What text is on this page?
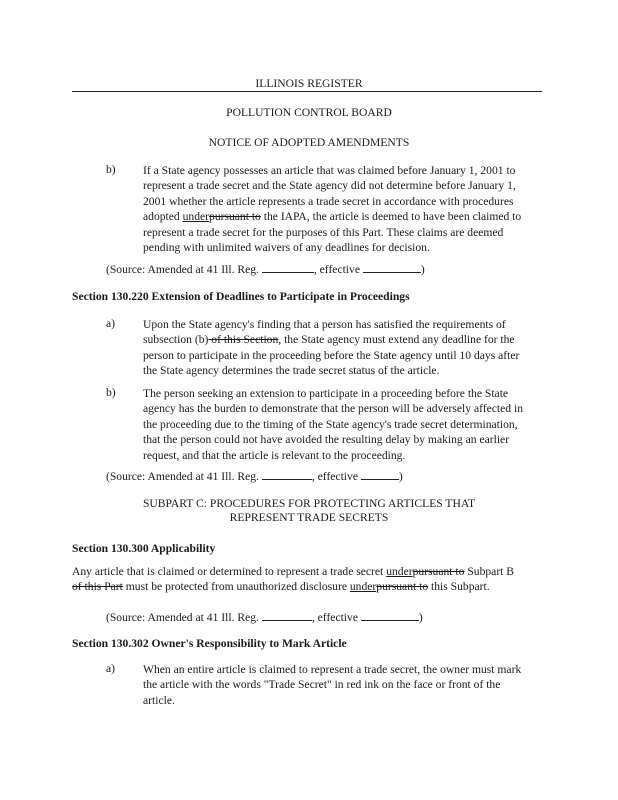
ILLINOIS REGISTER
POLLUTION CONTROL BOARD
NOTICE OF ADOPTED AMENDMENTS
b) If a State agency possesses an article that was claimed before January 1, 2001 to
represent a trade secret and the State agency did not determine before January 1,
2001 whether the article represents a trade secret in accordance with procedures
adopted underpursuant to the IAPA, the article is deemed to have been claimed to
represent a trade secret for the purposes of this Part. These claims are deemed
pending with unlimited waivers of any deadlines for decision.
(Source: Amended at 41 Ill. Reg.	, effective	)
Section 130.220 Extension of Deadlines to Participate in Proceedings
a) Upon the State agency's finding that a person has satisfied the requirements of
subsection (b) of this Section, the State agency must extend any deadline for the
person to participate in the proceeding before the State agency until 10 days after
the State agency determines the trade secret status of the article.
b) The person seeking an extension to participate in a proceeding before the State
agency has the burden to demonstrate that the person will be adversely affected in
the proceeding due to the timing of the State agency's trade secret determination,
that the person could not have avoided the resulting delay by making an earlier
request, and that the article is relevant to the proceeding.
(Source: Amended at 41 Ill. Reg.	, effective	)
SUBPART C: PROCEDURES FOR PROTECTING ARTICLES THAT
REPRESENT TRADE SECRETS
Section 130.300 Applicability
Any article that is claimed or determined to represent a trade secret underpursuant to Subpart B
of this Part must be protected from unauthorized disclosure underpursuant to this Subpart.
(Source: Amended at 41 Ill. Reg.	, effective	)
Section 130.302 Owner's Responsibility to Mark Article
a) When an entire article is claimed to represent a trade secret, the owner must mark
the article with the words "Trade Secret" in red ink on the face or front of the
article.
